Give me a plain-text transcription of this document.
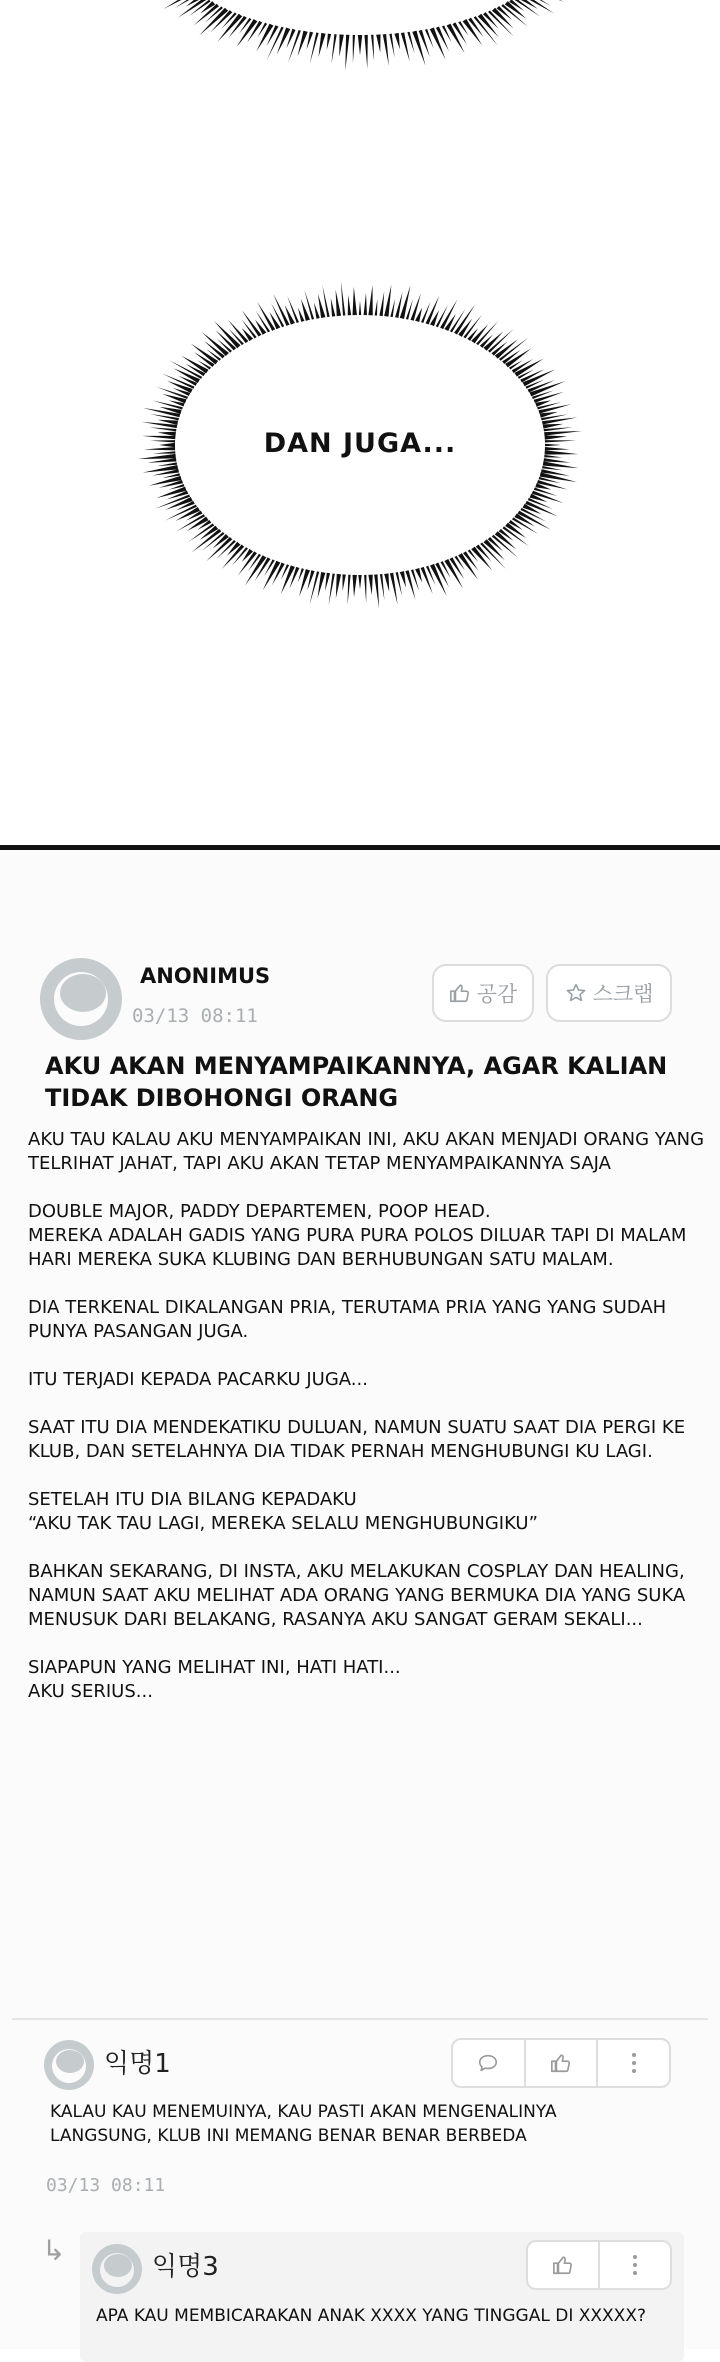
DAN JUGA...
ANONIMUS
03/13 08:11
공감	스크랩
AKU AKAN MENYAMPAIKANNYA, AGAR KALIAN TIDAK DIBOHONGI ORANG
AKU TAU KALAU AKU MENYAMPAIKAN INI, AKU AKAN MENJADI ORANG YANG TELRIHAT JAHAT, TAPI AKU AKAN TETAP MENYAMPAIKANNYA SAJA

DOUBLE MAJOR, PADDY DEPARTEMEN, POOP HEAD.
MEREKA ADALAH GADIS YANG PURA PURA POLOS DILUAR TAPI DI MALAM HARI MEREKA SUKA KLUBING DAN BERHUBUNGAN SATU MALAM.

DIA TERKENAL DIKALANGAN PRIA, TERUTAMA PRIA YANG YANG SUDAH PUNYA PASANGAN JUGA.

ITU TERJADI KEPADA PACARKU JUGA...

SAAT ITU DIA MENDEKATIKU DULUAN, NAMUN SUATU SAAT DIA PERGI KE KLUB, DAN SETELAHNYA DIA TIDAK PERNAH MENGHUBUNGI KU LAGI.

SETELAH ITU DIA BILANG KEPADAKU
“AKU TAK TAU LAGI, MEREKA SELALU MENGHUBUNGIKU”

BAHKAN SEKARANG, DI INSTA, AKU MELAKUKAN COSPLAY DAN HEALING, NAMUN SAAT AKU MELIHAT ADA ORANG YANG BERMUKA DIA YANG SUKA MENUSUK DARI BELAKANG, RASANYA AKU SANGAT GERAM SEKALI...

SIAPAPUN YANG MELIHAT INI, HATI HATI...
AKU SERIUS...
익명1
KALAU KAU MENEMUINYA, KAU PASTI AKAN MENGENALINYA LANGSUNG, KLUB INI MEMANG BENAR BENAR BERBEDA
03/13 08:11
↳	익명3
APA KAU MEMBICARAKAN ANAK XXXX YANG TINGGAL DI XXXXX?
